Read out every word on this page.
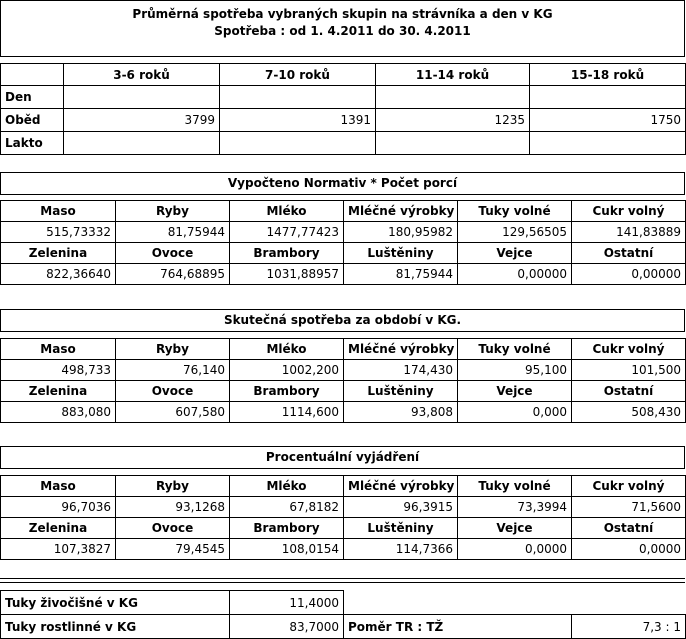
Průměrná spotřeba vybraných skupin na strávníka a den v KG
Spotřeba : od 1. 4.2011 do 30. 4.2011
	3-6 roků	7-10 roků	11-14 roků	15-18 roků
Den				
Oběd	3799	1391	1235	1750
Lakto				
Vypočteno Normativ * Počet porcí
Maso	Ryby	Mléko	Mléčné výrobky	Tuky volné	Cukr volný
515,73332	81,75944	1477,77423	180,95982	129,56505	141,83889
Zelenina	Ovoce	Brambory	Luštěniny	Vejce	Ostatní
822,36640	764,68895	1031,88957	81,75944	0,00000	0,00000
Skutečná spotřeba za období v KG.
Maso	Ryby	Mléko	Mléčné výrobky	Tuky volné	Cukr volný
498,733	76,140	1002,200	174,430	95,100	101,500
Zelenina	Ovoce	Brambory	Luštěniny	Vejce	Ostatní
883,080	607,580	1114,600	93,808	0,000	508,430
Procentuální vyjádření
Maso	Ryby	Mléko	Mléčné výrobky	Tuky volné	Cukr volný
96,7036	93,1268	67,8182	96,3915	73,3994	71,5600
Zelenina	Ovoce	Brambory	Luštěniny	Vejce	Ostatní
107,3827	79,4545	108,0154	114,7366	0,0000	0,0000
Tuky živočišné v KG	11,4000		
Tuky rostlinné v KG	83,7000	Poměr TR : TŽ	7,3 : 1
